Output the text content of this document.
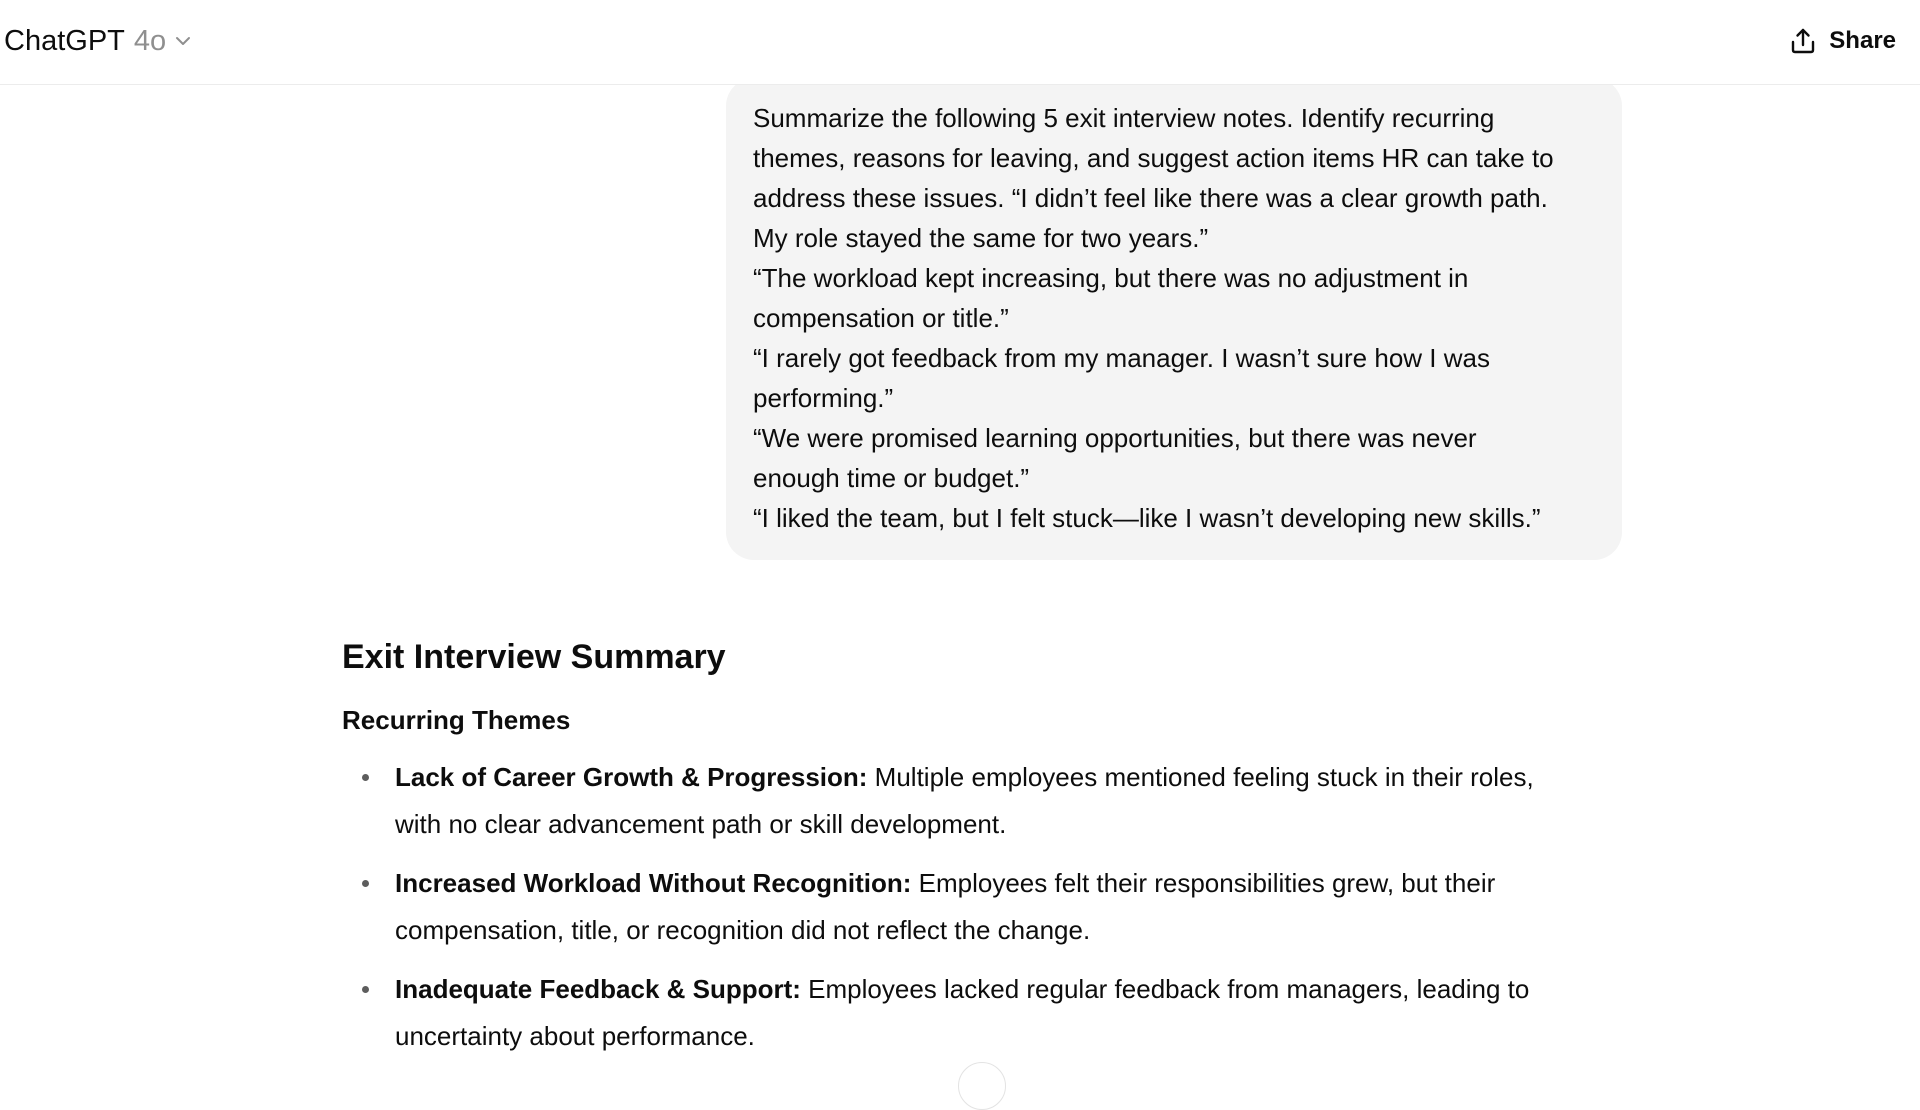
ChatGPT 4o	Share
Summarize the following 5 exit interview notes. Identify recurring
themes, reasons for leaving, and suggest action items HR can take to
address these issues. “I didn’t feel like there was a clear growth path.
My role stayed the same for two years.”
“The workload kept increasing, but there was no adjustment in
compensation or title.”
“I rarely got feedback from my manager. I wasn’t sure how I was
performing.”
“We were promised learning opportunities, but there was never
enough time or budget.”
“I liked the team, but I felt stuck—like I wasn’t developing new skills.”
Exit Interview Summary
Recurring Themes
Lack of Career Growth & Progression: Multiple employees mentioned feeling stuck in their roles,
with no clear advancement path or skill development.
Increased Workload Without Recognition: Employees felt their responsibilities grew, but their
compensation, title, or recognition did not reflect the change.
Inadequate Feedback & Support: Employees lacked regular feedback from managers, leading to
uncertainty about performance.
